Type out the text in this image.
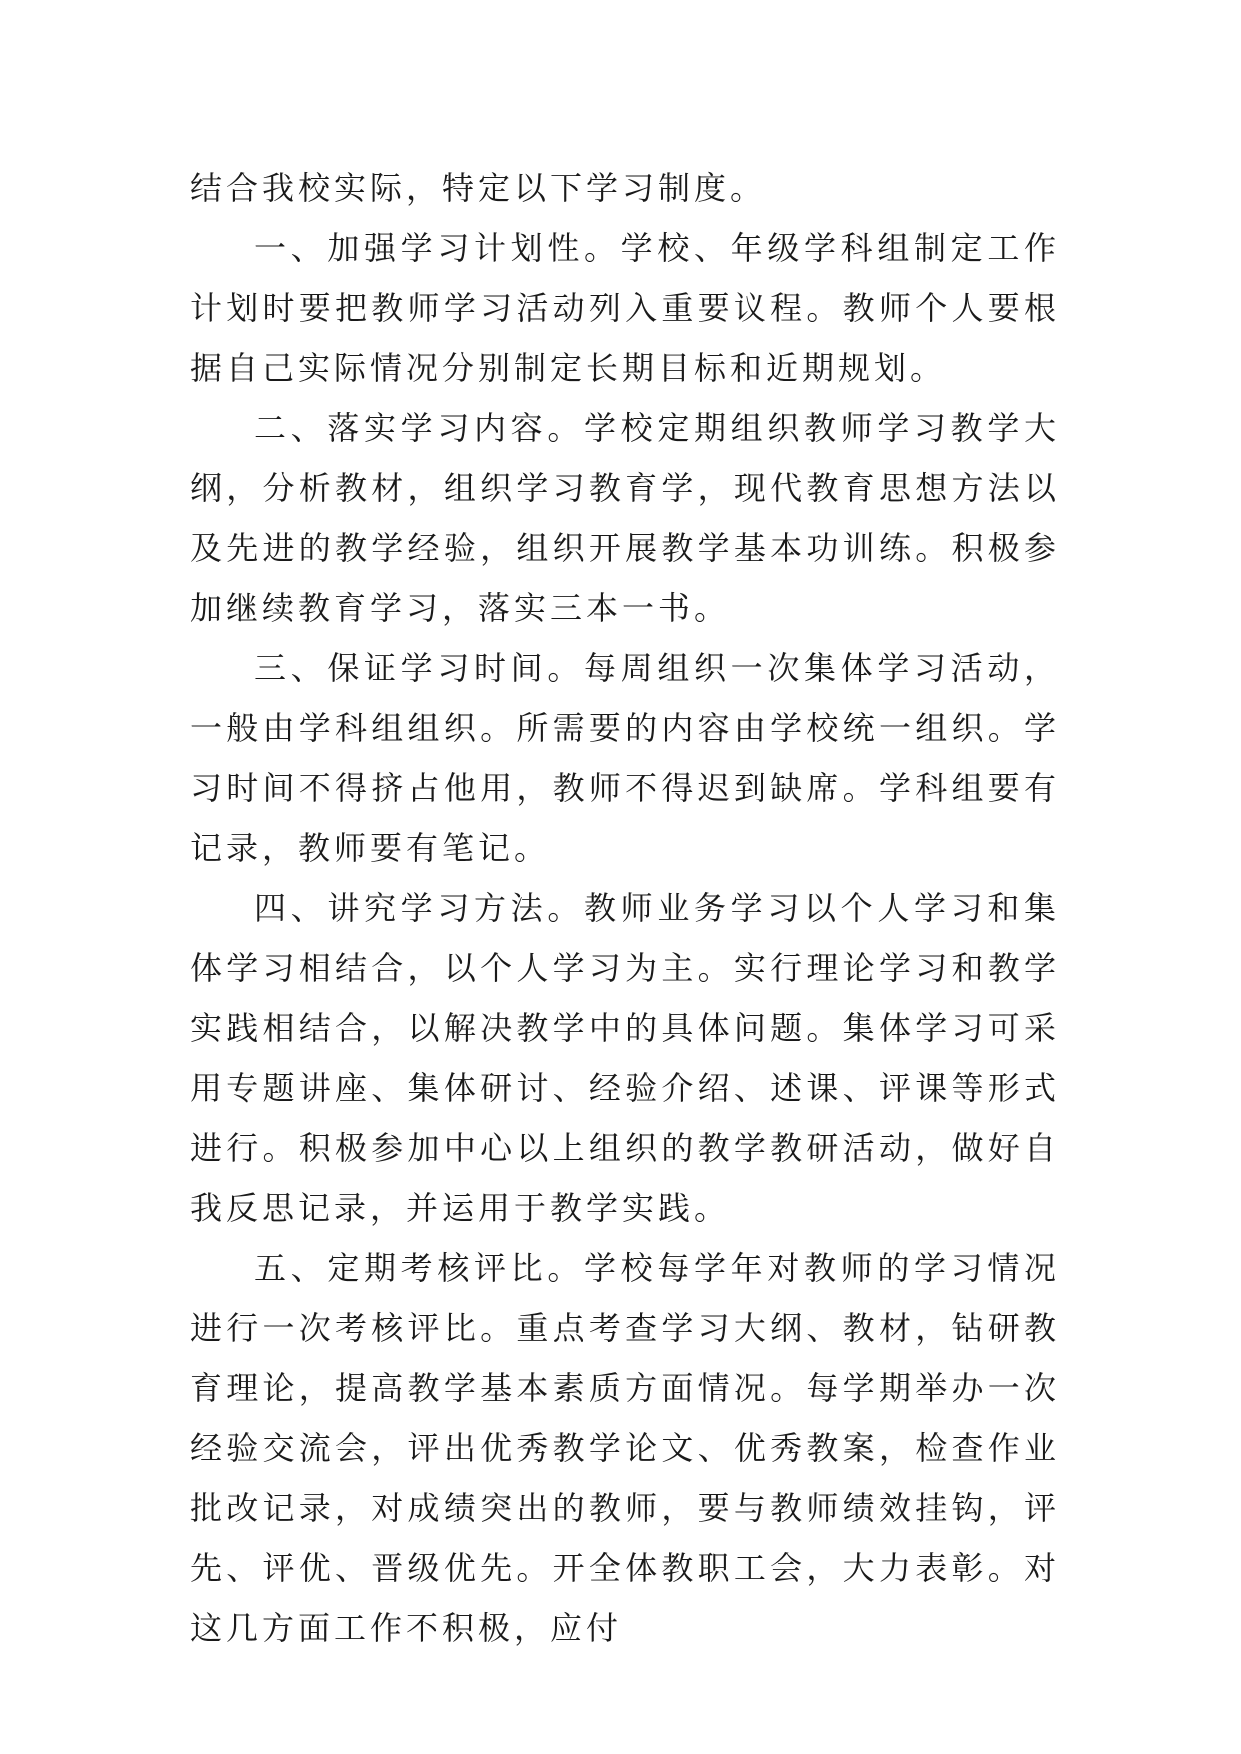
结合我校实际，特定以下学习制度。

一、加强学习计划性。学校、年级学科组制定工作计划时要把教师学习活动列入重要议程。教师个人要根据自己实际情况分别制定长期目标和近期规划。

二、落实学习内容。学校定期组织教师学习教学大纲，分析教材，组织学习教育学，现代教育思想方法以及先进的教学经验，组织开展教学基本功训练。积极参加继续教育学习，落实三本一书。

三、保证学习时间。每周组织一次集体学习活动，一般由学科组组织。所需要的内容由学校统一组织。学习时间不得挤占他用，教师不得迟到缺席。学科组要有记录，教师要有笔记。

四、讲究学习方法。教师业务学习以个人学习和集体学习相结合，以个人学习为主。实行理论学习和教学实践相结合，以解决教学中的具体问题。集体学习可采用专题讲座、集体研讨、经验介绍、述课、评课等形式进行。积极参加中心以上组织的教学教研活动，做好自我反思记录，并运用于教学实践。

五、定期考核评比。学校每学年对教师的学习情况进行一次考核评比。重点考查学习大纲、教材，钻研教育理论，提高教学基本素质方面情况。每学期举办一次经验交流会，评出优秀教学论文、优秀教案，检查作业批改记录，对成绩突出的教师，要与教师绩效挂钩，评先、评优、晋级优先。开全体教职工会，大力表彰。对这几方面工作不积极，应付
